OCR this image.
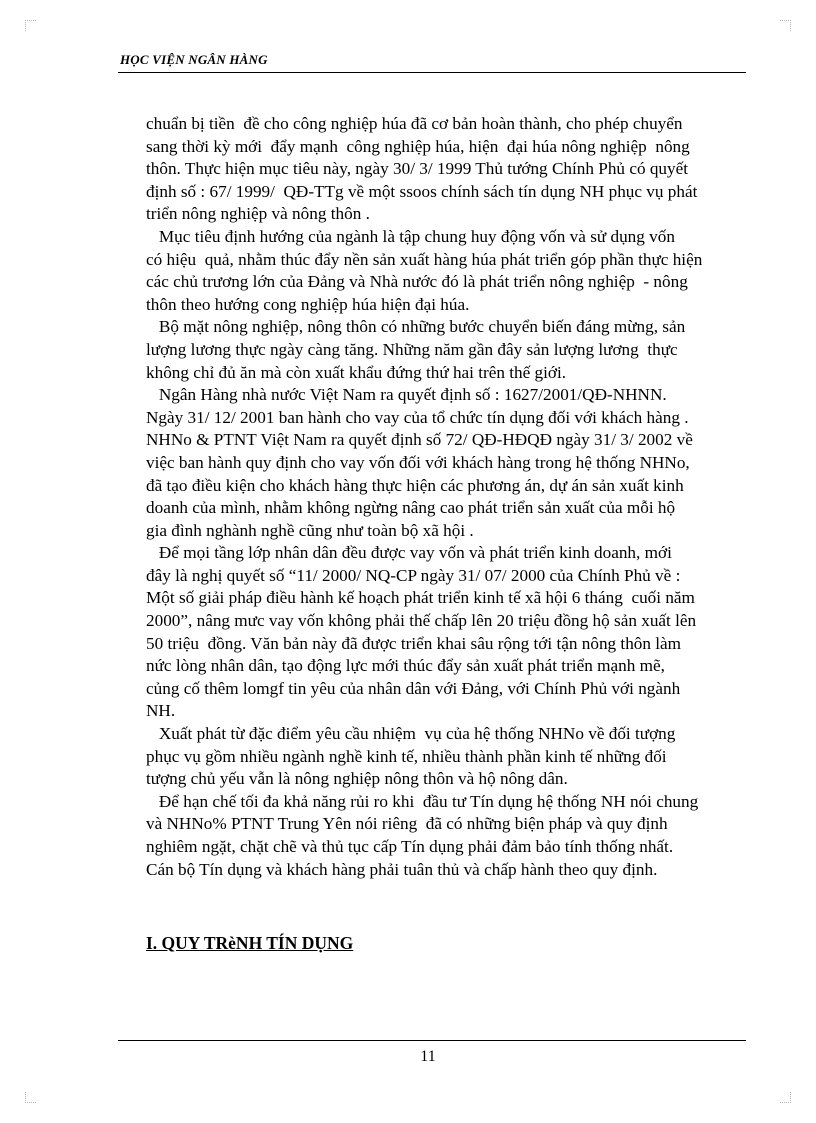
HỌC VIỆN NGÂN HÀNG
chuẩn bị tiền  đề cho công nghiệp húa đã cơ bản hoàn thành, cho phép chuyển
sang thời kỳ mới  đẩy mạnh  công nghiệp húa, hiện  đại húa nông nghiệp  nông
thôn. Thực hiện mục tiêu này, ngày 30/ 3/ 1999 Thủ tướng Chính Phủ có quyết
định số : 67/ 1999/  QĐ-TTg về một ssoos chính sách tín dụng NH phục vụ phát
triển nông nghiệp và nông thôn .
Mục tiêu định hướng của ngành là tập chung huy động vốn và sử dụng vốn
có hiệu  quả, nhằm thúc đẩy nền sản xuất hàng húa phát triển góp phần thực hiện
các chủ trương lớn của Đảng và Nhà nước đó là phát triển nông nghiệp  - nông
thôn theo hướng cong nghiệp húa hiện đại húa.
Bộ mặt nông nghiệp, nông thôn có những bước chuyển biến đáng mừng, sản
lượng lương thực ngày càng tăng. Những năm gần đây sản lượng lương  thực
không chỉ đủ ăn mà còn xuất khẩu đứng thứ hai trên thế giới.
Ngân Hàng nhà nước Việt Nam ra quyết định số : 1627/2001/QĐ-NHNN.
Ngày 31/ 12/ 2001 ban hành cho vay của tổ chức tín dụng đối với khách hàng .
NHNo & PTNT Việt Nam ra quyết định số 72/ QĐ-HĐQĐ ngày 31/ 3/ 2002 về
việc ban hành quy định cho vay vốn đối với khách hàng trong hệ thống NHNo,
đã tạo điều kiện cho khách hàng thực hiện các phương án, dự án sản xuất kinh
doanh của mình, nhằm không ngừng nâng cao phát triển sản xuất của mỗi hộ
gia đình nghành nghề cũng như toàn bộ xã hội .
Để mọi tầng lớp nhân dân đều được vay vốn và phát triển kinh doanh, mới
đây là nghị quyết số “11/ 2000/ NQ-CP ngày 31/ 07/ 2000 của Chính Phủ về :
Một số giải pháp điều hành kế hoạch phát triển kinh tế xã hội 6 tháng  cuối năm
2000”, nâng mưc vay vốn không phải thế chấp lên 20 triệu đồng hộ sản xuất lên
50 triệu  đồng. Văn bản này đã được triển khai sâu rộng tới tận nông thôn làm
nức lòng nhân dân, tạo động lực mới thúc đẩy sản xuất phát triển mạnh mẽ,
củng cố thêm lomgf tin yêu của nhân dân với Đảng, với Chính Phủ với ngành
NH.
Xuất phát từ đặc điểm yêu cầu nhiệm  vụ của hệ thống NHNo về đối tượng
phục vụ gồm nhiều ngành nghề kinh tế, nhiều thành phần kinh tế những đối
tượng chủ yếu vẫn là nông nghiệp nông thôn và hộ nông dân.
Để hạn chế tối đa khả năng rủi ro khi  đầu tư Tín dụng hệ thống NH nói chung
và NHNo% PTNT Trung Yên nói riêng  đã có những biện pháp và quy định
nghiêm ngặt, chặt chẽ và thủ tục cấp Tín dụng phải đảm bảo tính thống nhất.
Cán bộ Tín dụng và khách hàng phải tuân thủ và chấp hành theo quy định.
I. QUY TRèNH TÍN DỤNG
11
